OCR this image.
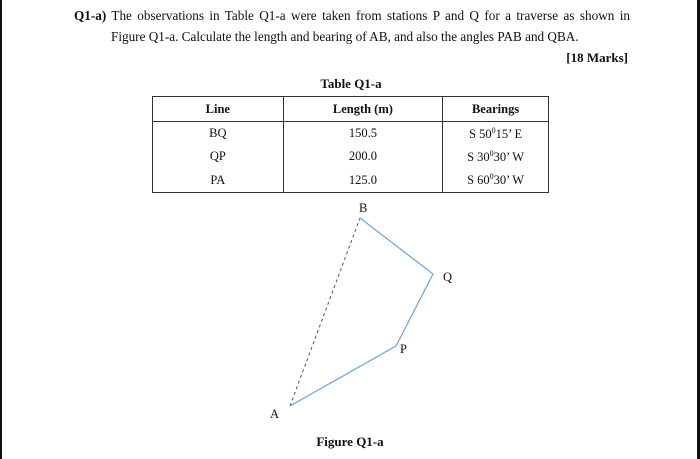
Q1-a) The observations in Table Q1-a were taken from stations P and Q for a traverse as shown in
Figure Q1-a. Calculate the length and bearing of AB, and also the angles PAB and QBA.
[18 Marks]
Table Q1-a
Line	Length (m)	Bearings
BQ	150.5	S $50^015$’ E
QP	200.0	S $30^030$’ W
PA	125.0	S $60^030$’ W
B
Q
P
A
Figure Q1-a
